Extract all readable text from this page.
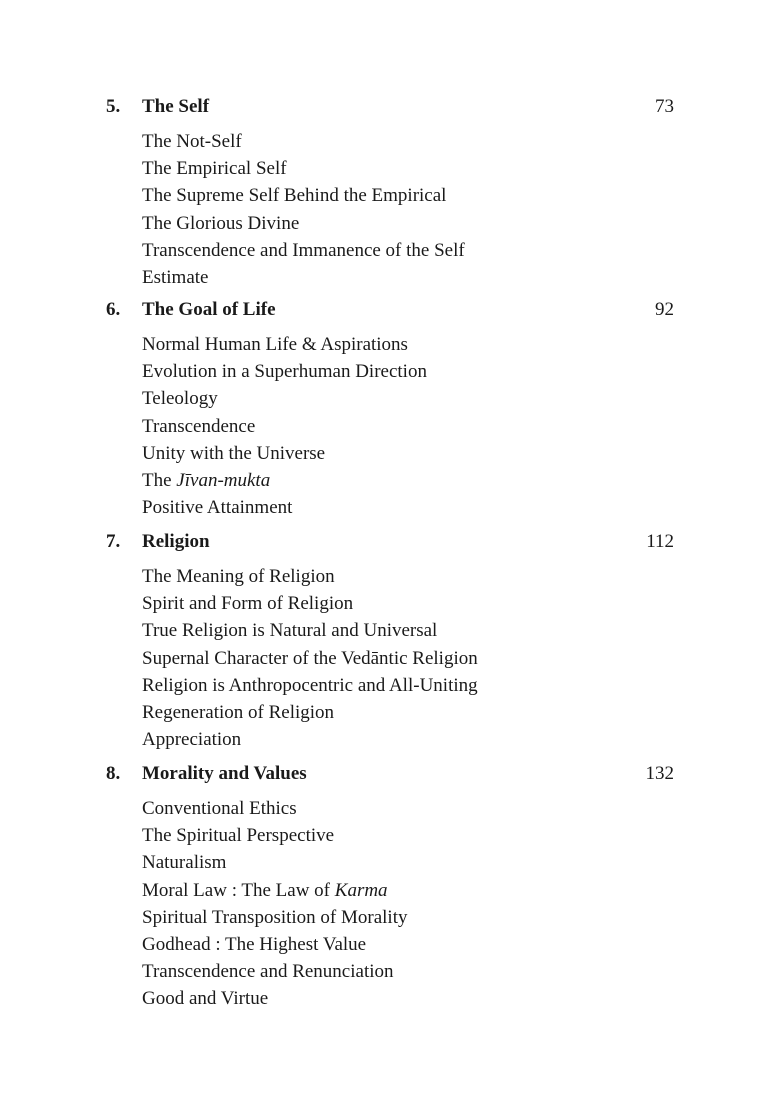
5. The Self	73
The Not-Self
The Empirical Self
The Supreme Self Behind the Empirical
The Glorious Divine
Transcendence and Immanence of the Self
Estimate
6. The Goal of Life	92
Normal Human Life & Aspirations
Evolution in a Superhuman Direction
Teleology
Transcendence
Unity with the Universe
The Jīvan-mukta
Positive Attainment
7. Religion	112
The Meaning of Religion
Spirit and Form of Religion
True Religion is Natural and Universal
Supernal Character of the Vedāntic Religion
Religion is Anthropocentric and All-Uniting
Regeneration of Religion
Appreciation
8. Morality and Values	132
Conventional Ethics
The Spiritual Perspective
Naturalism
Moral Law : The Law of Karma
Spiritual Transposition of Morality
Godhead : The Highest Value
Transcendence and Renunciation
Good and Virtue
